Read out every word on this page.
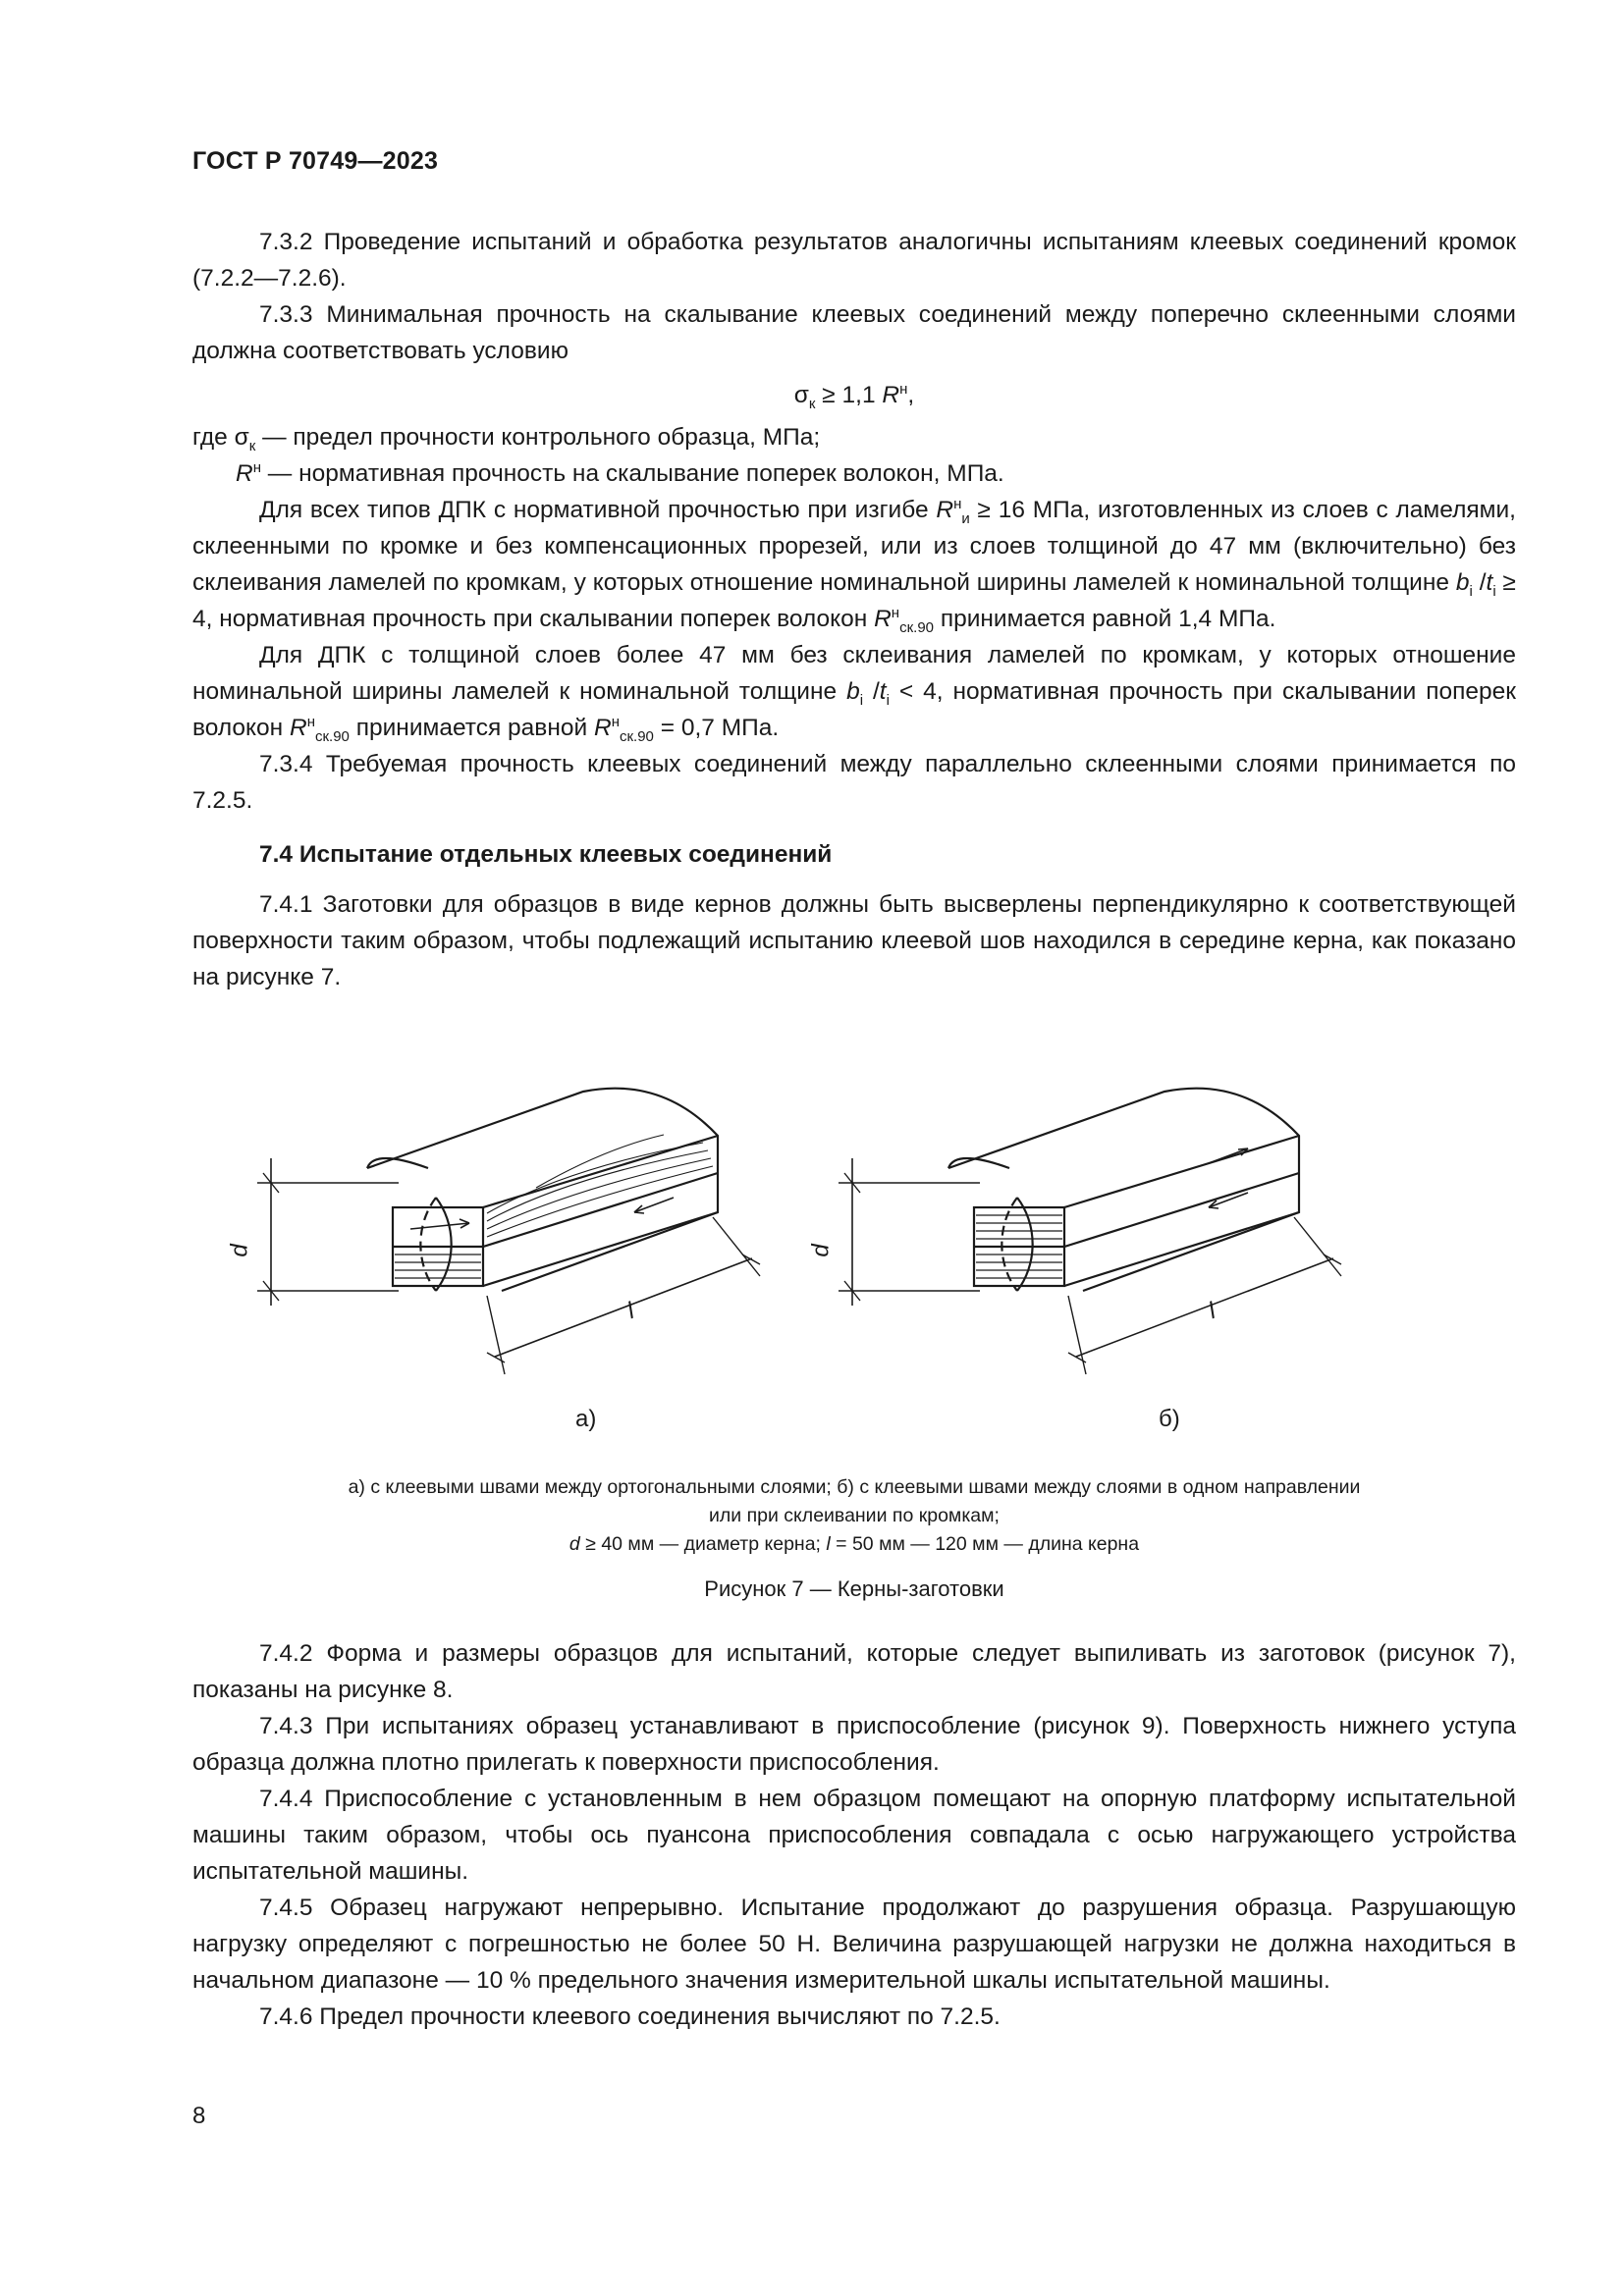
ГОСТ Р 70749—2023

7.3.2 Проведение испытаний и обработка результатов аналогичны испытаниям клеевых соединений кромок (7.2.2—7.2.6).

7.3.3 Минимальная прочность на скалывание клеевых соединений между поперечно склеенными слоями должна соответствовать условию

$\sigma_к \ge 1,1$ $R^н$,

где $\sigma_к$ — предел прочности контрольного образца, МПа;

$R^н$ — нормативная прочность на скалывание поперек волокон, МПа.

Для всех типов ДПК с нормативной прочностью при изгибе $R^н_и \ge 16$ МПа, изготовленных из слоев с ламелями, склеенными по кромке и без компенсационных прорезей, или из слоев толщиной до 47 мм (включительно) без склеивания ламелей по кромкам, у которых отношение номинальной ширины ламелей к номинальной толщине $b_i$ $/t_i \ge 4$, нормативная прочность при скалывании поперек волокон $R^н_{ск.90}$ принимается равной 1,4 МПа.

Для ДПК с толщиной слоев более 47 мм без склеивания ламелей по кромкам, у которых отношение номинальной ширины ламелей к номинальной толщине $b_i$ $/t_i < 4$, нормативная прочность при скалывании поперек волокон $R^н_{ск.90}$ принимается равной $R^н_{ск.90} = 0,7$ МПа.

7.3.4 Требуемая прочность клеевых соединений между параллельно склеенными слоями принимается по 7.2.5.

7.4 Испытание отдельных клеевых соединений

7.4.1 Заготовки для образцов в виде кернов должны быть высверлены перпендикулярно к соответствующей поверхности таким образом, чтобы подлежащий испытанию клеевой шов находился в середине керна, как показано на рисунке 7.

d
l
d
l
а)	б)
а) с клеевыми швами между ортогональными слоями; б) с клеевыми швами между слоями в одном направлении
или при склеивании по кромкам;
d ≥ 40 мм — диаметр керна; l = 50 мм — 120 мм — длина керна
Рисунок 7 — Керны-заготовки

7.4.2 Форма и размеры образцов для испытаний, которые следует выпиливать из заготовок (рисунок 7), показаны на рисунке 8.

7.4.3 При испытаниях образец устанавливают в приспособление (рисунок 9). Поверхность нижнего уступа образца должна плотно прилегать к поверхности приспособления.

7.4.4 Приспособление с установленным в нем образцом помещают на опорную платформу испытательной машины таким образом, чтобы ось пуансона приспособления совпадала с осью нагружающего устройства испытательной машины.

7.4.5 Образец нагружают непрерывно. Испытание продолжают до разрушения образца. Разрушающую нагрузку определяют с погрешностью не более 50 Н. Величина разрушающей нагрузки не должна находиться в начальном диапазоне — 10 % предельного значения измерительной шкалы испытательной машины.

7.4.6 Предел прочности клеевого соединения вычисляют по 7.2.5.

8
